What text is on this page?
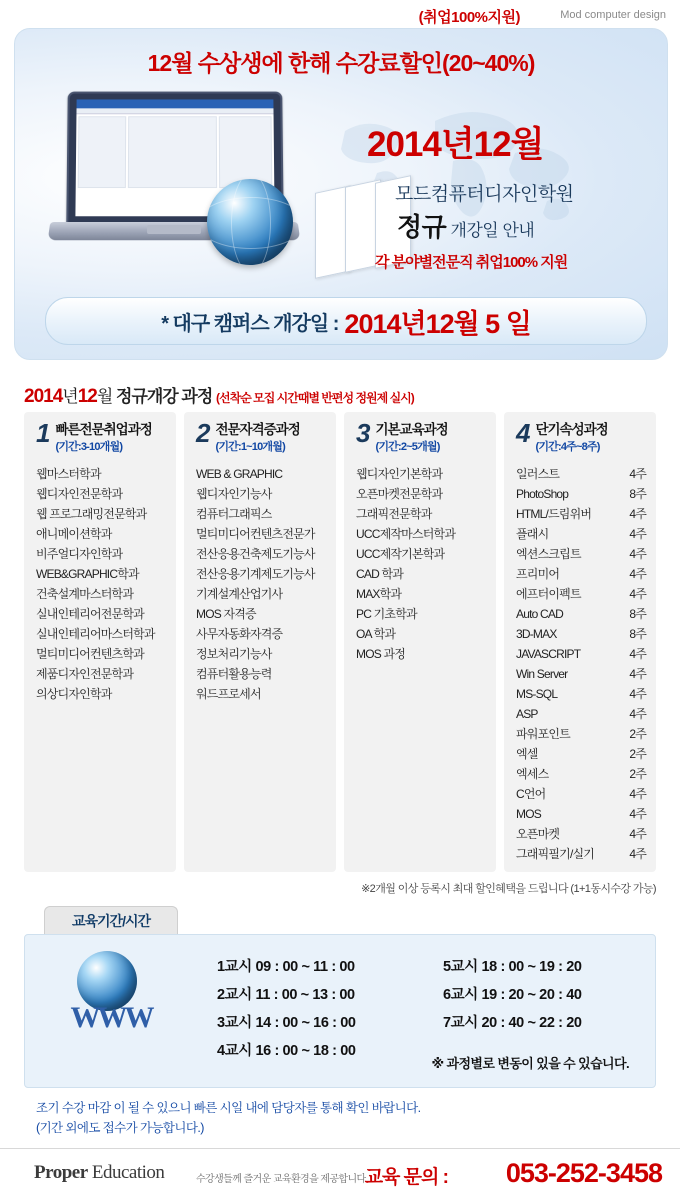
(취업100%지원)	Mod computer design
12월 수상생에 한해 수강료할인(20~40%)
2014년12월
모드컴퓨터디자인학원
정규 개강일 안내
각 분야별전문직 취업100% 지원
* 대구 캠퍼스 개강일 : 2014년12월 5 일
2014년12월 정규개강 과정 (선착순 모집 시간때별 반편성 정원제 실시)
1 빠른전문취업과정
(기간:3-10개월)
웹마스터학과
웹디자인전문학과
웹 프로그래밍전문학과
애니메이션학과
비주얼디자인학과
WEB&GRAPHIC학과
건축설계마스터학과
실내인테리어전문학과
실내인테리어마스터학과
멀티미디어컨텐츠학과
제품디자인전문학과
의상디자인학과
2 전문자격증과정
(기간:1~10개월)
WEB & GRAPHIC
웹디자인기능사
컴퓨터그래픽스
멀티미디어컨텐츠전문가
전산응용건축제도기능사
전산응용기계제도기능사
기계설계산업기사
MOS 자격증
사무자동화자격증
정보처리기능사
컴퓨터활용능력
워드프로세서
3 기본교육과정
(기간:2~5개월)
웹디자인기본학과
오픈마켓전문학과
그래픽전문학과
UCC제작마스터학과
UCC제작기본학과
CAD 학과
MAX학과
PC 기초학과
OA 학과
MOS 과정
4 단기속성과정
(기간:4주~8주)
일러스트	4주
PhotoShop	8주
HTML/드림위버	4주
플래시	4주
엑션스크립트	4주
프리미어	4주
에프터이펙트	4주
Auto CAD	8주
3D-MAX	8주
JAVASCRIPT	4주
Win Server	4주
MS-SQL	4주
ASP	4주
파워포인트	2주
엑셀	2주
엑세스	2주
C언어	4주
MOS	4주
오픈마켓	4주
그래픽필기/실기	4주
※2개월 이상 등록시 최대 할인혜택을 드립니다 (1+1동시수강 가능)
교육기간/시간
WWW
1교시 09 : 00 ~ 11 : 00
2교시 11 : 00 ~ 13 : 00
3교시 14 : 00 ~ 16 : 00
4교시 16 : 00 ~ 18 : 00
5교시 18 : 00 ~ 19 : 20
6교시 19 : 20 ~ 20 : 40
7교시 20 : 40 ~ 22 : 20
※ 과정별로 변동이 있을 수 있습니다.
조기 수강 마감 이 될 수 있으니 빠른 시일 내에 담당자를 통해 확인 바랍니다.
(기간 외에도 접수가 가능합니다.)
Proper Education	수강생들께 즐거운 교육환경을 제공합니다 교육 문의 : 053-252-3458
